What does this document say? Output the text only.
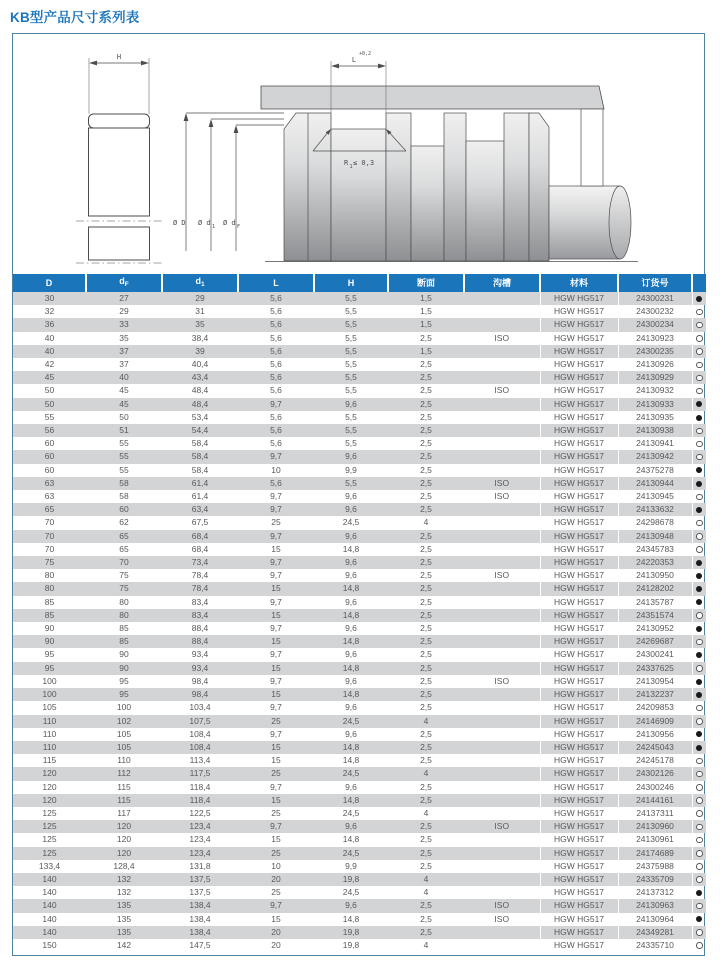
KB型产品尺寸系列表
H
Ø D Ø d 1 Ø d F
L
+0,2
R 1 ≤ 0,3
D	$d_F$	$d_1$	L	H	断面	沟槽	材料	订货号	
30	27	29	5,6	5,5	1,5		HGW HG517	24300231	
32	29	31	5,6	5,5	1,5		HGW HG517	24300232	
36	33	35	5,6	5,5	1,5		HGW HG517	24300234	
40	35	38,4	5,6	5,5	2,5	ISO	HGW HG517	24130923	
40	37	39	5,6	5,5	1,5		HGW HG517	24300235	
42	37	40,4	5,6	5,5	2,5		HGW HG517	24130926	
45	40	43,4	5,6	5,5	2,5		HGW HG517	24130929	
50	45	48,4	5,6	5,5	2,5	ISO	HGW HG517	24130932	
50	45	48,4	9,7	9,6	2,5		HGW HG517	24130933	
55	50	53,4	5,6	5,5	2,5		HGW HG517	24130935	
56	51	54,4	5,6	5,5	2,5		HGW HG517	24130938	
60	55	58,4	5,6	5,5	2,5		HGW HG517	24130941	
60	55	58,4	9,7	9,6	2,5		HGW HG517	24130942	
60	55	58,4	10	9,9	2,5		HGW HG517	24375278	
63	58	61,4	5,6	5,5	2,5	ISO	HGW HG517	24130944	
63	58	61,4	9,7	9,6	2,5	ISO	HGW HG517	24130945	
65	60	63,4	9,7	9,6	2,5		HGW HG517	24133632	
70	62	67,5	25	24,5	4		HGW HG517	24298678	
70	65	68,4	9,7	9,6	2,5		HGW HG517	24130948	
70	65	68,4	15	14,8	2,5		HGW HG517	24345783	
75	70	73,4	9,7	9,6	2,5		HGW HG517	24220353	
80	75	78,4	9,7	9,6	2,5	ISO	HGW HG517	24130950	
80	75	78,4	15	14,8	2,5		HGW HG517	24128202	
85	80	83,4	9,7	9,6	2,5		HGW HG517	24135787	
85	80	83,4	15	14,8	2,5		HGW HG517	24351574	
90	85	88,4	9,7	9,6	2,5		HGW HG517	24130952	
90	85	88,4	15	14,8	2,5		HGW HG517	24269687	
95	90	93,4	9,7	9,6	2,5		HGW HG517	24300241	
95	90	93,4	15	14,8	2,5		HGW HG517	24337625	
100	95	98,4	9,7	9,6	2,5	ISO	HGW HG517	24130954	
100	95	98,4	15	14,8	2,5		HGW HG517	24132237	
105	100	103,4	9,7	9,6	2,5		HGW HG517	24209853	
110	102	107,5	25	24,5	4		HGW HG517	24146909	
110	105	108,4	9,7	9,6	2,5		HGW HG517	24130956	
110	105	108,4	15	14,8	2,5		HGW HG517	24245043	
115	110	113,4	15	14,8	2,5		HGW HG517	24245178	
120	112	117,5	25	24,5	4		HGW HG517	24302126	
120	115	118,4	9,7	9,6	2,5		HGW HG517	24300246	
120	115	118,4	15	14,8	2,5		HGW HG517	24144161	
125	117	122,5	25	24,5	4		HGW HG517	24137311	
125	120	123,4	9,7	9,6	2,5	ISO	HGW HG517	24130960	
125	120	123,4	15	14,8	2,5		HGW HG517	24130961	
125	120	123,4	25	24,5	2,5		HGW HG517	24174689	
133,4	128,4	131,8	10	9,9	2,5		HGW HG517	24375988	
140	132	137,5	20	19,8	4		HGW HG517	24335709	
140	132	137,5	25	24,5	4		HGW HG517	24137312	
140	135	138,4	9,7	9,6	2,5	ISO	HGW HG517	24130963	
140	135	138,4	15	14,8	2,5	ISO	HGW HG517	24130964	
140	135	138,4	20	19,8	2,5		HGW HG517	24349281	
150	142	147,5	20	19,8	4		HGW HG517	24335710	
